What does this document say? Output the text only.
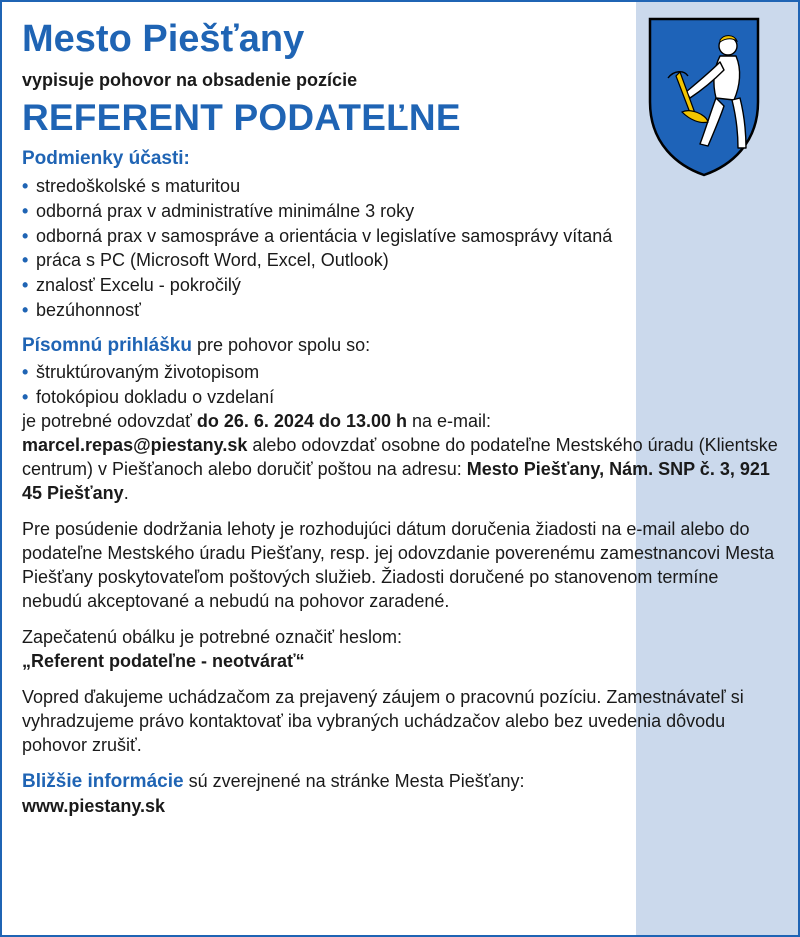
Mesto Piešťany
vypisuje pohovor na obsadenie pozície
REFERENT PODATEĽNE
Podmienky účasti:
• stredoškolské s maturitou
• odborná prax v administratíve minimálne 3 roky
• odborná prax v samospráve a orientácia v legislatíve samosprávy vítaná
• práca s PC (Microsoft Word, Excel, Outlook)
• znalosť Excelu - pokročilý
• bezúhonnosť

Písomnú prihlášku pre pohovor spolu so:

• štruktúrovaným životopisom
• fotokópiou dokladu o vzdelaní

je potrebné odovzdať do 26. 6. 2024 do 13.00 h na e-mail:
marcel.repas@piestany.sk alebo odovzdať osobne do podateľne Mestského úradu (Klientske centrum) v Piešťanoch alebo doručiť poštou na adresu: Mesto Piešťany, Nám. SNP č. 3, 921 45 Piešťany.

Pre posúdenie dodržania lehoty je rozhodujúci dátum doručenia žiadosti na e-mail alebo do podateľne Mestského úradu Piešťany, resp. jej odovzdanie poverenému zamestnancovi Mesta Piešťany poskytovateľom poštových služieb. Žiadosti doručené po stanovenom termíne nebudú akceptované a nebudú na pohovor zaradené.

Zapečatenú obálku je potrebné označiť heslom:

„Referent podateľne - neotvárať“

Vopred ďakujeme uchádzačom za prejavený záujem o pracovnú pozíciu. Zamestnávateľ si vyhradzujeme právo kontaktovať iba vybraných uchádzačov alebo bez uvedenia dôvodu pohovor zrušiť.

Bližšie informácie sú zverejnené na stránke Mesta Piešťany:

www.piestany.sk
